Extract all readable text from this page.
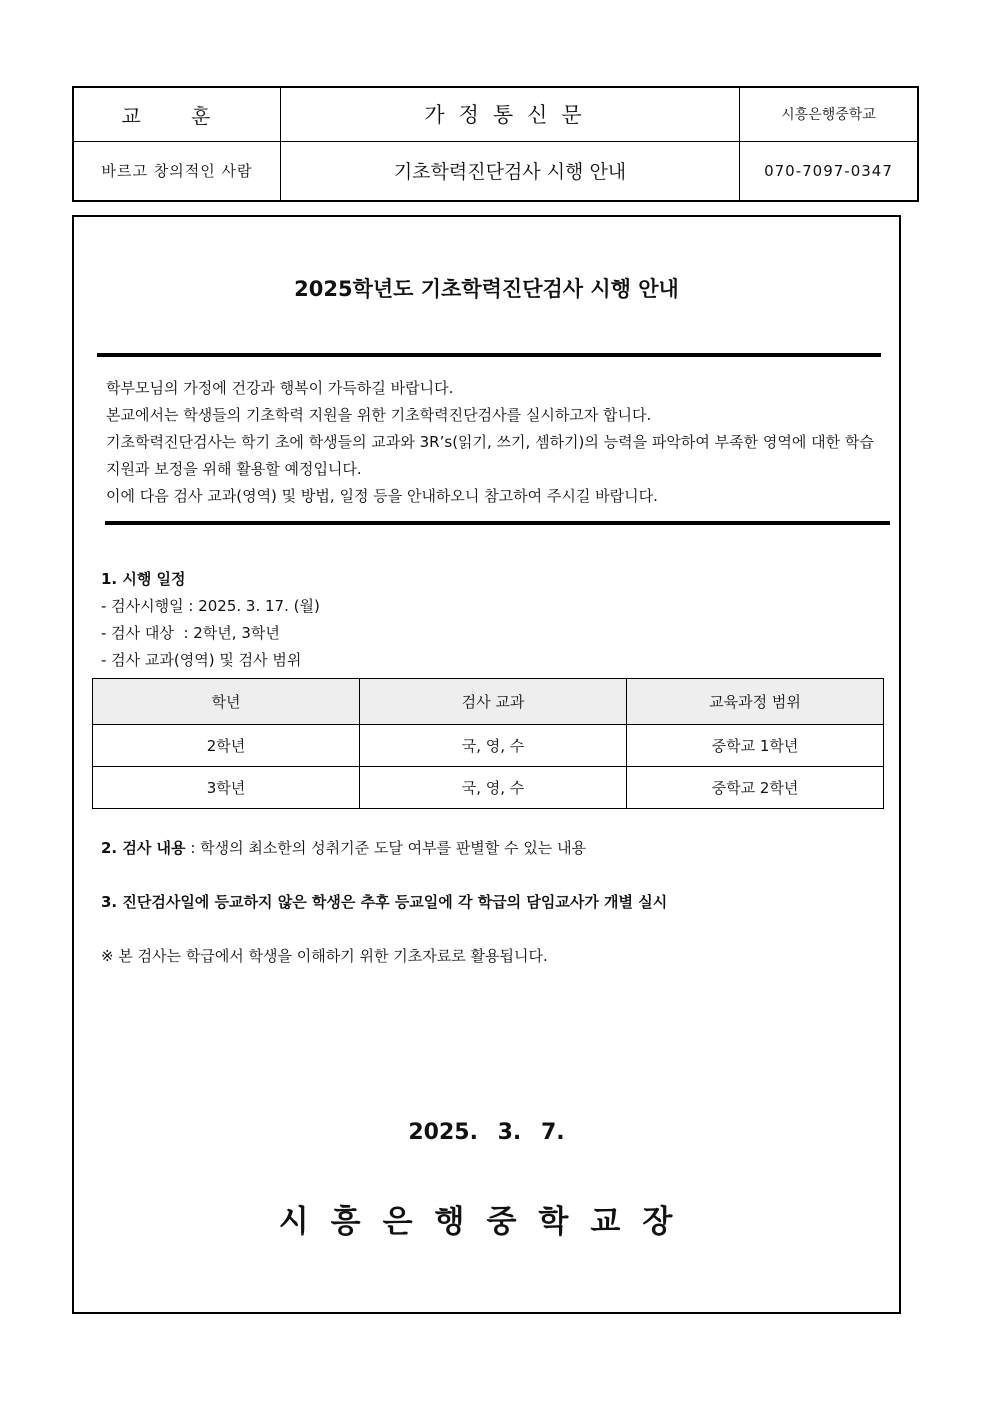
교 훈	가정통신문	시흥은행중학교
바르고 창의적인 사람	기초학력진단검사 시행 안내	070-7097-0347
2025학년도 기초학력진단검사 시행 안내

학부모님의 가정에 건강과 행복이 가득하길 바랍니다.

본교에서는 학생들의 기초학력 지원을 위한 기초학력진단검사를 실시하고자 합니다.

기초학력진단검사는 학기 초에 학생들의 교과와 3R’s(읽기, 쓰기, 셈하기)의 능력을 파악하여 부족한 영역에 대한 학습 지원과 보정을 위해 활용할 예정입니다.

이에 다음 검사 교과(영역) 및 방법, 일정 등을 안내하오니 참고하여 주시길 바랍니다.

1. 시행 일정
- 검사시행일 : 2025. 3. 17. (월)
- 검사 대상  : 2학년, 3학년
- 검사 교과(영역) 및 검사 범위
학년	검사 교과	교육과정 범위
2학년	국, 영, 수	중학교 1학년
3학년	국, 영, 수	중학교 2학년
2. 검사 내용 : 학생의 최소한의 성취기준 도달 여부를 판별할 수 있는 내용
3. 진단검사일에 등교하지 않은 학생은 추후 등교일에 각 학급의 담임교사가 개별 실시
※ 본 검사는 학급에서 학생을 이해하기 위한 기초자료로 활용됩니다.
2025. 3. 7.
시흥은행중학교장
